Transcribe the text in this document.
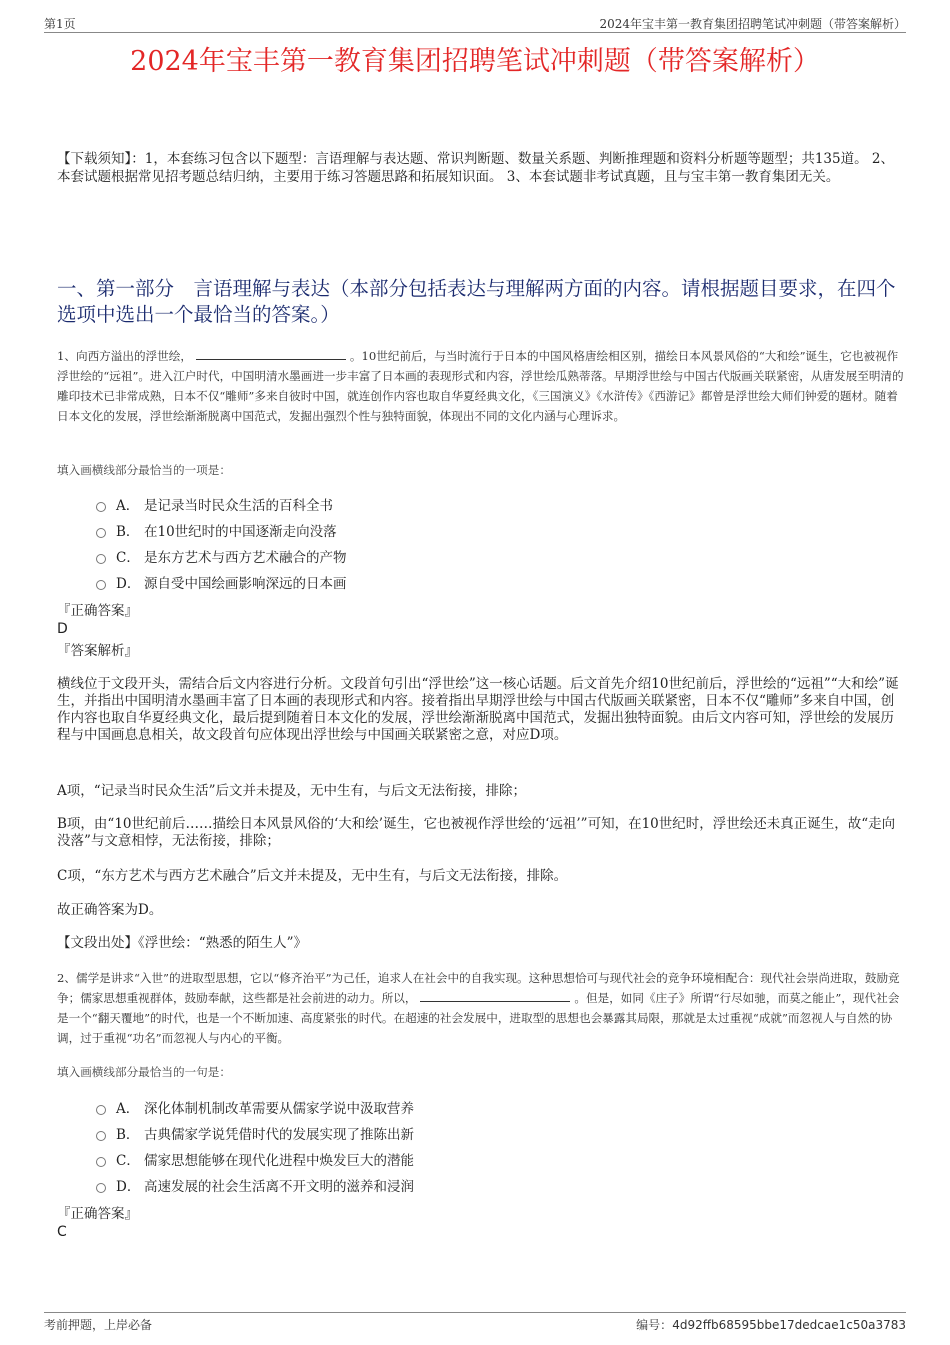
第1页	2024年宝丰第一教育集团招聘笔试冲刺题（带答案解析）
2024年宝丰第一教育集团招聘笔试冲刺题（带答案解析）
【下载须知】：1，本套练习包含以下题型：言语理解与表达题、常识判断题、数量关系题、判断推理题和资料分析题等题型；共135道。 2、本套试题根据常见招考题总结归纳，主要用于练习答题思路和拓展知识面。 3、本套试题非考试真题，且与宝丰第一教育集团无关。
一、第一部分　言语理解与表达（本部分包括表达与理解两方面的内容。请根据题目要求，在四个选项中选出一个最恰当的答案。）
1、向西方溢出的浮世绘，	。10世纪前后，与当时流行于日本的中国风格唐绘相区别，描绘日本风景风俗的“大和绘”诞生，它也被视作浮世绘的“远祖”。进入江户时代，中国明清水墨画进一步丰富了日本画的表现形式和内容，浮世绘瓜熟蒂落。早期浮世绘与中国古代版画关联紧密，从唐发展至明清的雕印技术已非常成熟，日本不仅“雕师”多来自彼时中国，就连创作内容也取自华夏经典文化，《三国演义》《水浒传》《西游记》都曾是浮世绘大师们钟爱的题材。随着日本文化的发展，浮世绘渐渐脱离中国范式，发掘出强烈个性与独特面貌，体现出不同的文化内涵与心理诉求。
填入画横线部分最恰当的一项是：
A． 是记录当时民众生活的百科全书
B． 在10世纪时的中国逐渐走向没落
C． 是东方艺术与西方艺术融合的产物
D． 源自受中国绘画影响深远的日本画
『正确答案』
D
『答案解析』
横线位于文段开头，需结合后文内容进行分析。文段首句引出“浮世绘”这一核心话题。后文首先介绍10世纪前后，浮世绘的“远祖”“大和绘”诞生，并指出中国明清水墨画丰富了日本画的表现形式和内容。接着指出早期浮世绘与中国古代版画关联紧密，日本不仅“雕师”多来自中国，创作内容也取自华夏经典文化，最后提到随着日本文化的发展，浮世绘渐渐脱离中国范式，发掘出独特面貌。由后文内容可知，浮世绘的发展历程与中国画息息相关，故文段首句应体现出浮世绘与中国画关联紧密之意，对应D项。
A项，“记录当时民众生活”后文并未提及，无中生有，与后文无法衔接，排除；
B项，由“10世纪前后……描绘日本风景风俗的‘大和绘’诞生，它也被视作浮世绘的‘远祖’”可知，在10世纪时，浮世绘还未真正诞生，故“走向没落”与文意相悖，无法衔接，排除；
C项，“东方艺术与西方艺术融合”后文并未提及，无中生有，与后文无法衔接，排除。
故正确答案为D。
【文段出处】《浮世绘：“熟悉的陌生人”》
2、儒学是讲求“入世”的进取型思想，它以“修齐治平”为己任，追求人在社会中的自我实现。这种思想恰可与现代社会的竞争环境相配合：现代社会崇尚进取，鼓励竞争；儒家思想重视群体，鼓励奉献，这些都是社会前进的动力。所以，	。但是，如同《庄子》所谓“行尽如驰，而莫之能止”，现代社会是一个“翻天覆地”的时代，也是一个不断加速、高度紧张的时代。在超速的社会发展中，进取型的思想也会暴露其局限，那就是太过重视“成就”而忽视人与自然的协调，过于重视“功名”而忽视人与内心的平衡。
填入画横线部分最恰当的一句是：
A． 深化体制机制改革需要从儒家学说中汲取营养
B． 古典儒家学说凭借时代的发展实现了推陈出新
C． 儒家思想能够在现代化进程中焕发巨大的潜能
D． 高速发展的社会生活离不开文明的滋养和浸润
『正确答案』
C
考前押题，上岸必备	编号：4d92ffb68595bbe17dedcae1c50a3783
